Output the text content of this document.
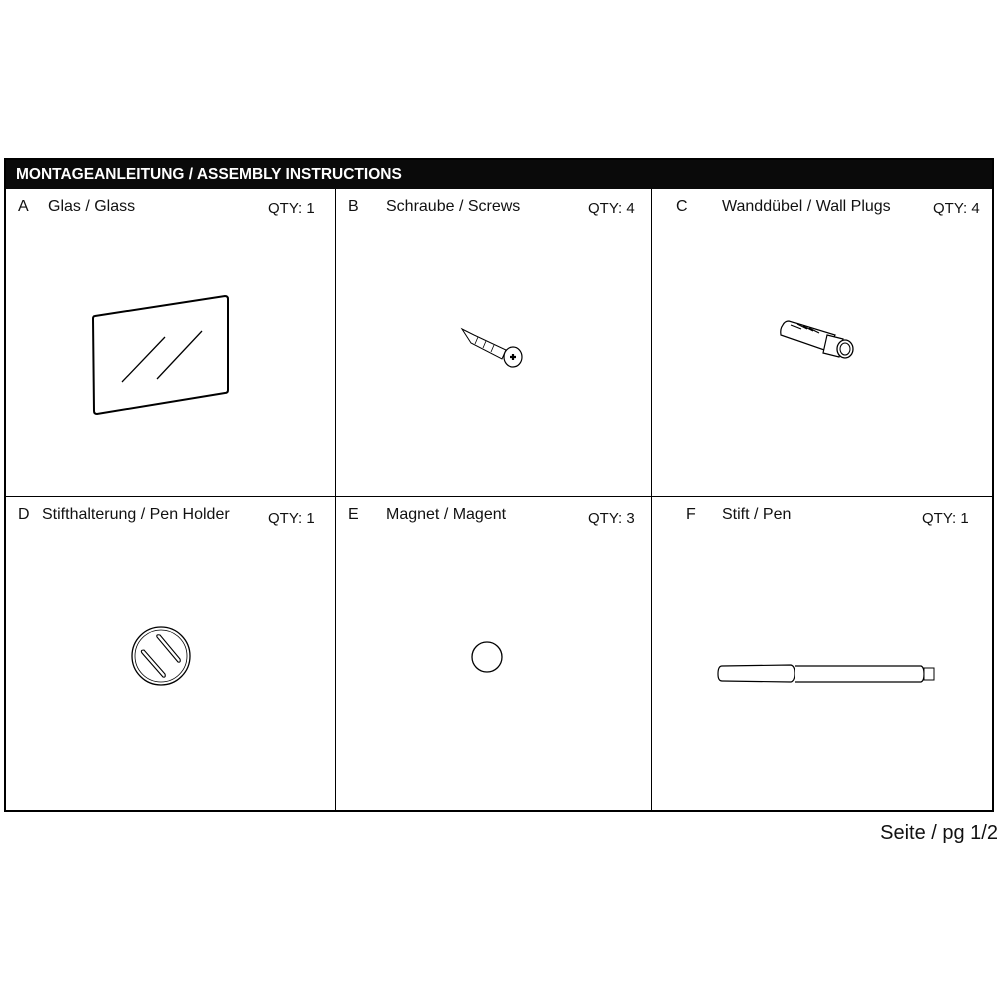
MONTAGEANLEITUNG / ASSEMBLY INSTRUCTIONS
A Glas / Glass	QTY: 1 B Schraube / Screws	QTY: 4	C Wanddübel / Wall Plugs	QTY: 4
D Stifthalterung / Pen Holder	QTY: 1 E Magnet / Magent	QTY: 3	F Stift / Pen	QTY: 1
Seite / pg 1/2
